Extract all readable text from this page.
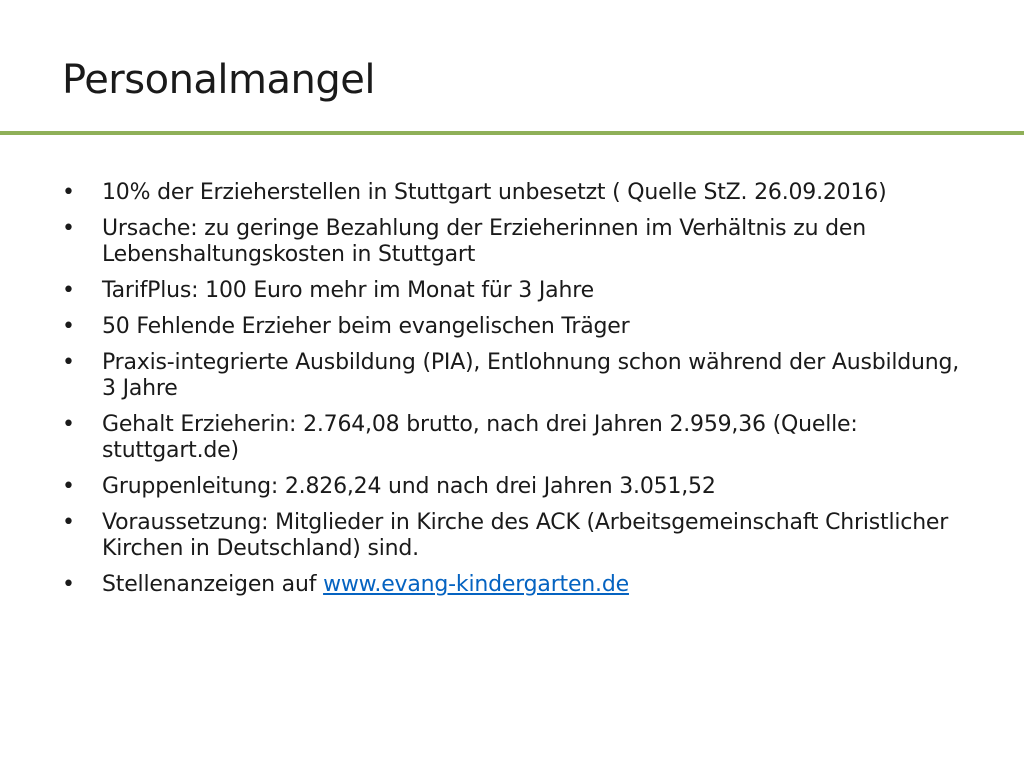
Personalmangel
•	10% der Erzieherstellen in Stuttgart unbesetzt ( Quelle StZ. 26.09.2016)
•	Ursache: zu geringe Bezahlung der Erzieherinnen im Verhältnis zu den Lebenshaltungskosten in Stuttgart
•	TarifPlus: 100 Euro mehr im Monat für 3 Jahre
•	50 Fehlende Erzieher beim evangelischen Träger
•	Praxis-integrierte Ausbildung (PIA), Entlohnung schon während der Ausbildung, 3 Jahre
•	Gehalt Erzieherin: 2.764,08 brutto, nach drei Jahren 2.959,36 (Quelle: stuttgart.de)
•	Gruppenleitung: 2.826,24 und nach drei Jahren 3.051,52
•	Voraussetzung: Mitglieder in Kirche des ACK (Arbeitsgemeinschaft Christlicher Kirchen in Deutschland) sind.
•	Stellenanzeigen auf www.evang-kindergarten.de
